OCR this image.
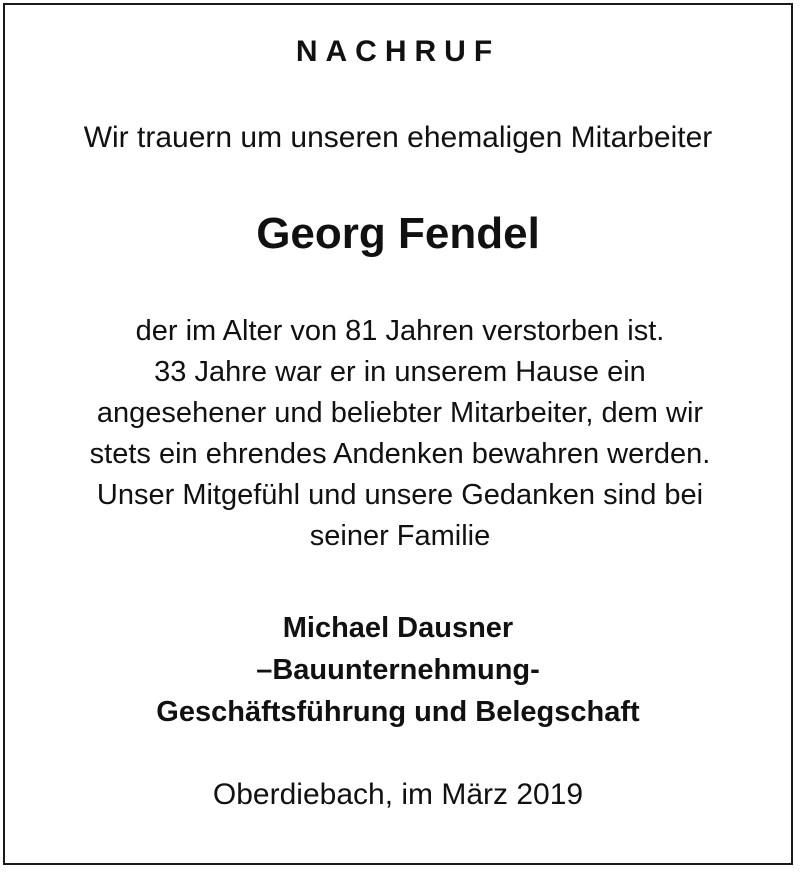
NACHRUF
Wir trauern um unseren ehemaligen Mitarbeiter
Georg Fendel
der im Alter von 81 Jahren verstorben ist.
33 Jahre war er in unserem Hause ein
angesehener und beliebter Mitarbeiter, dem wir
stets ein ehrendes Andenken bewahren werden.
Unser Mitgefühl und unsere Gedanken sind bei
seiner Familie
Michael Dausner
–Bauunternehmung-
Geschäftsführung und Belegschaft
Oberdiebach, im März 2019
